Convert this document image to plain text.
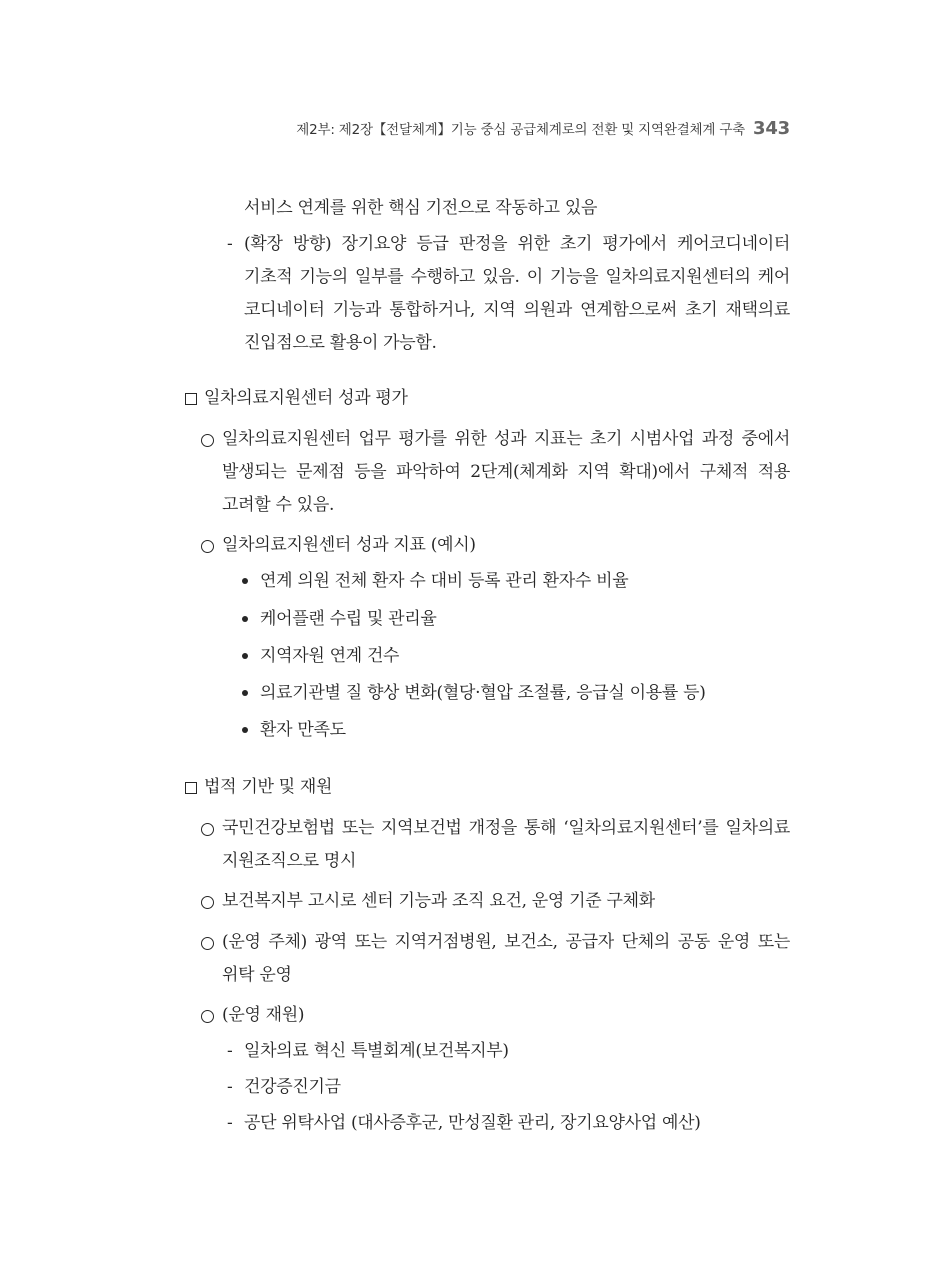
제2부: 제2장【전달체계】기능 중심 공급체계로의 전환 및 지역완결체계 구축 343
서비스 연계를 위한 핵심 기전으로 작동하고 있음
- (확장 방향) 장기요양 등급 판정을 위한 초기 평가에서 케어코디네이터
기초적 기능의 일부를 수행하고 있음. 이 기능을 일차의료지원센터의 케어
코디네이터 기능과 통합하거나, 지역 의원과 연계함으로써 초기 재택의료
진입점으로 활용이 가능함.
일차의료지원센터 성과 평가
일차의료지원센터 업무 평가를 위한 성과 지표는 초기 시범사업 과정 중에서
발생되는 문제점 등을 파악하여 2단계(체계화 지역 확대)에서 구체적 적용
고려할 수 있음.
일차의료지원센터 성과 지표 (예시)
연계 의원 전체 환자 수 대비 등록 관리 환자수 비율
케어플랜 수립 및 관리율
지역자원 연계 건수
의료기관별 질 향상 변화(혈당·혈압 조절률, 응급실 이용률 등)
환자 만족도
법적 기반 및 재원
국민건강보험법 또는 지역보건법 개정을 통해 ‘일차의료지원센터’를 일차의료
지원조직으로 명시
보건복지부 고시로 센터 기능과 조직 요건, 운영 기준 구체화
(운영 주체) 광역 또는 지역거점병원, 보건소, 공급자 단체의 공동 운영 또는
위탁 운영
(운영 재원)
- 일차의료 혁신 특별회계(보건복지부)
- 건강증진기금
- 공단 위탁사업 (대사증후군, 만성질환 관리, 장기요양사업 예산)
